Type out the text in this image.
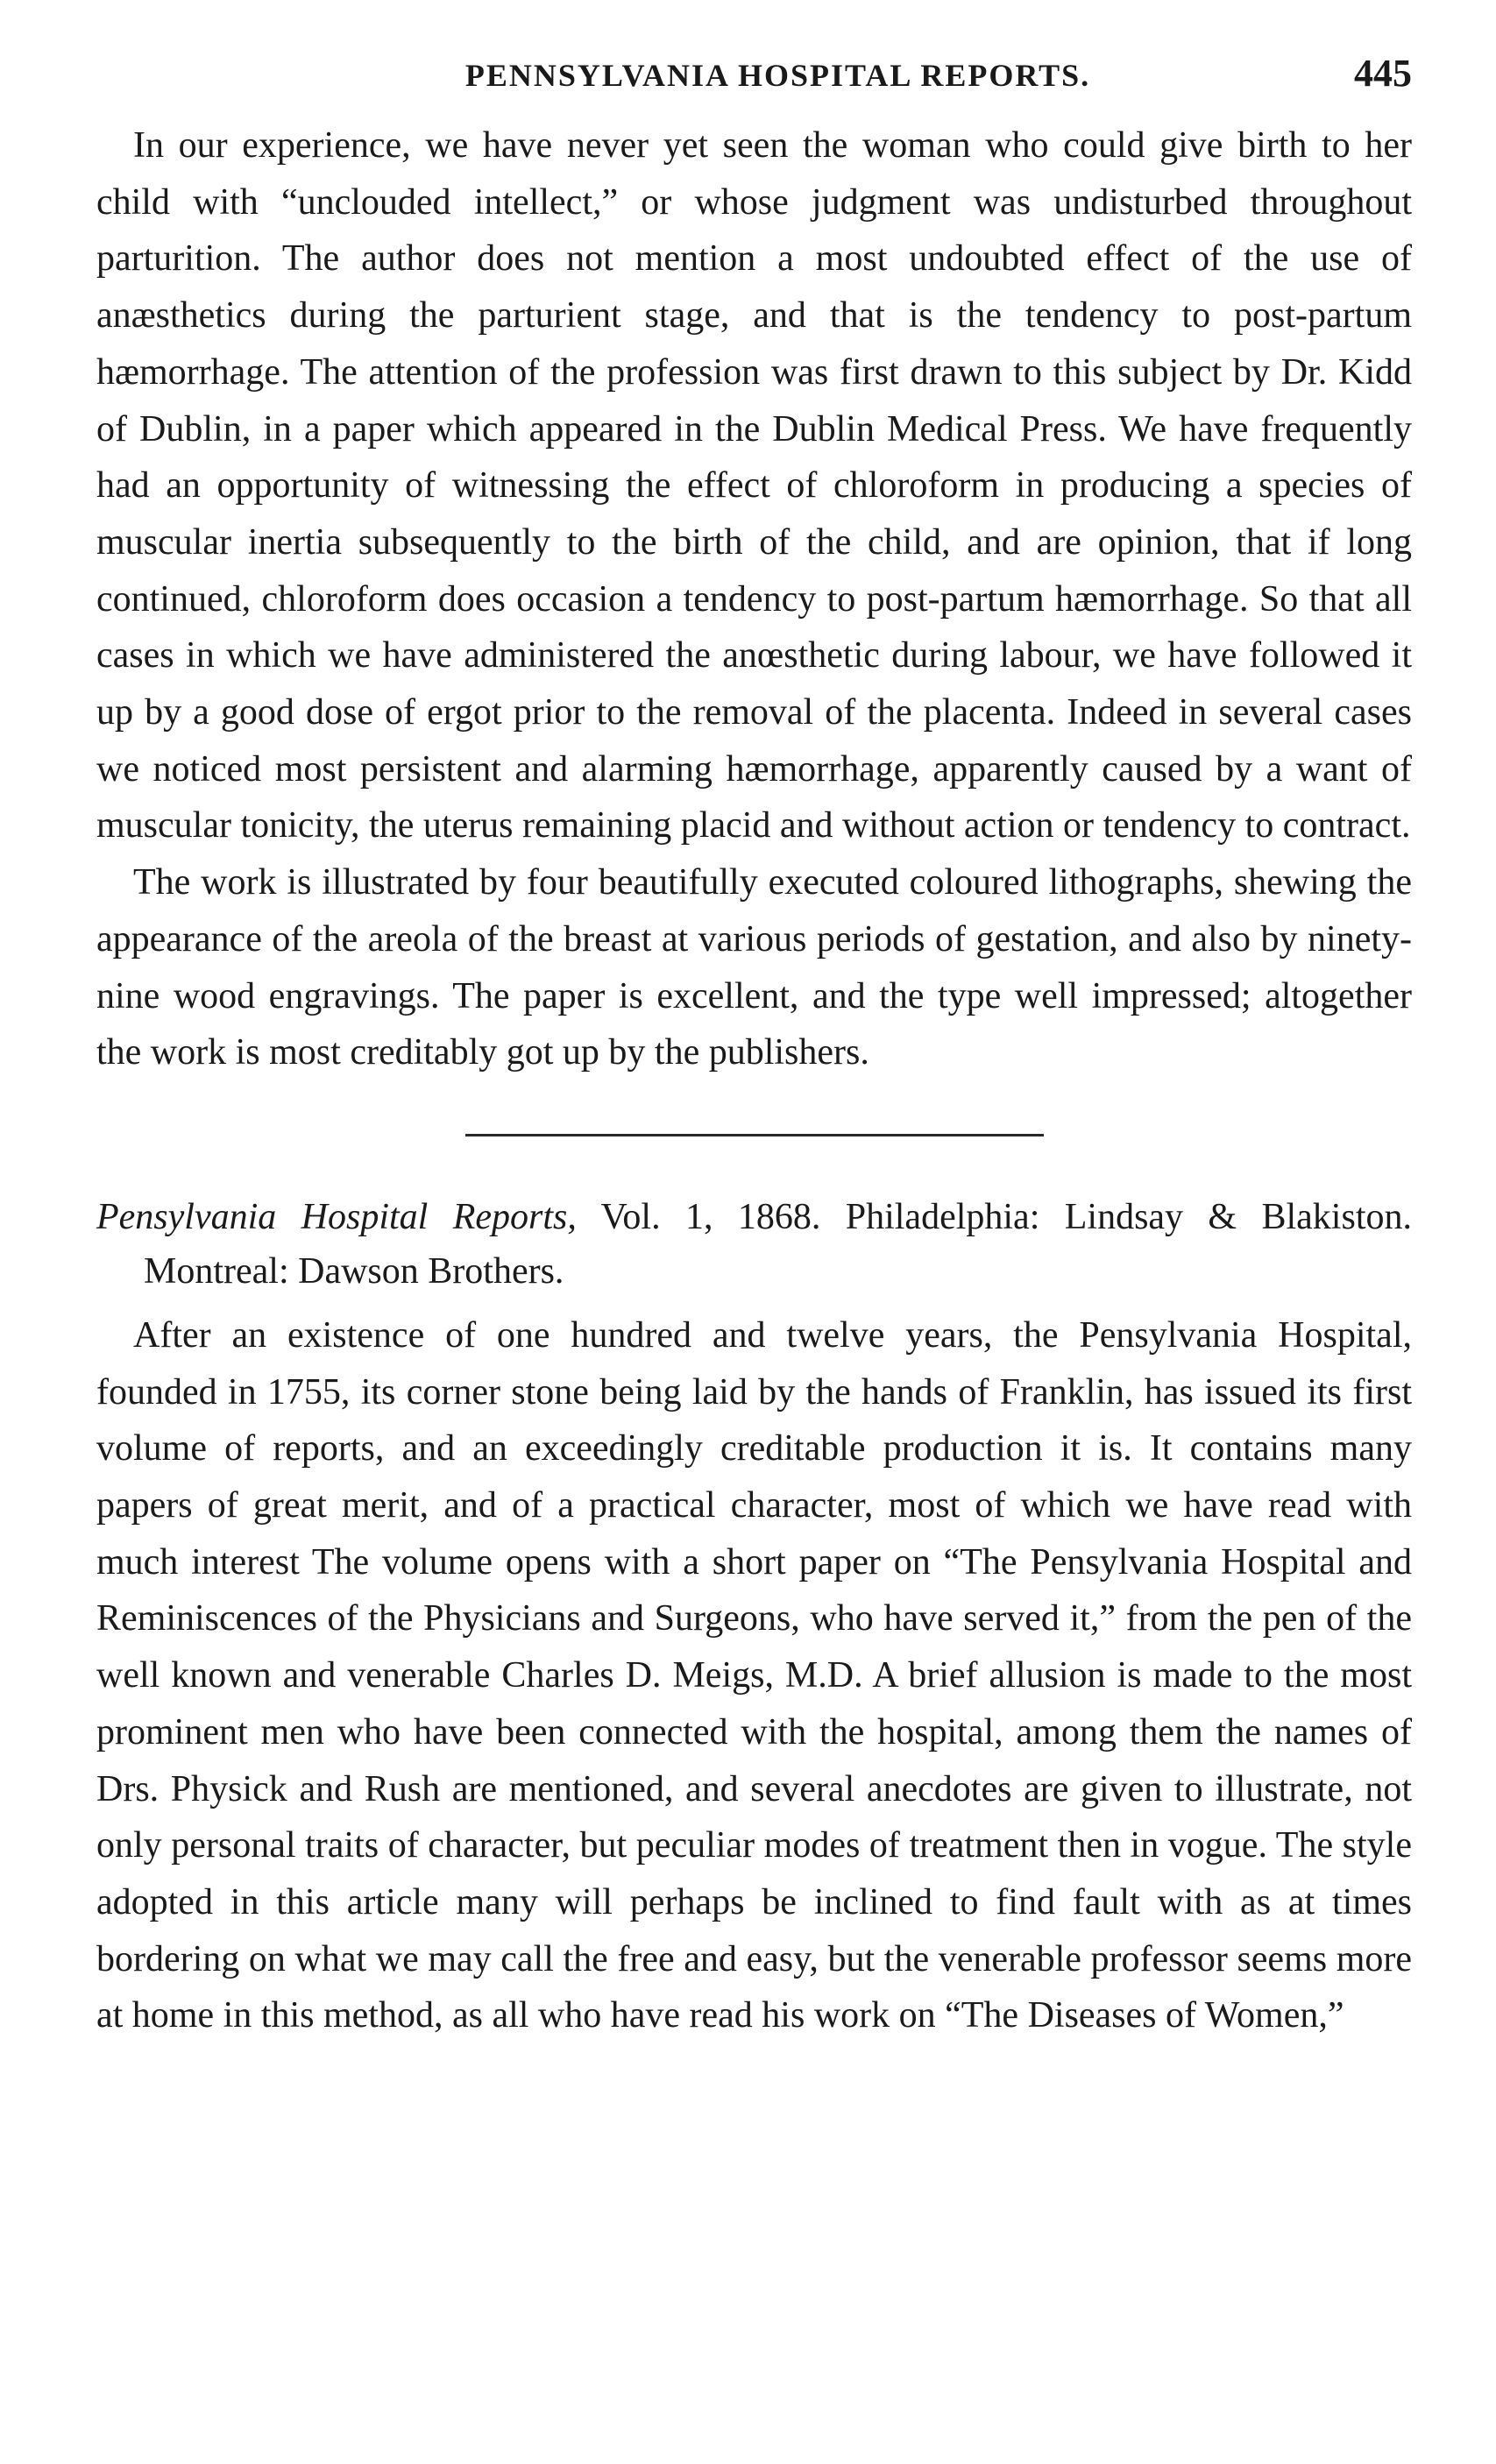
PENNSYLVANIA HOSPITAL REPORTS.	445

In our experience, we have never yet seen the woman who could give birth to her child with “unclouded intellect,” or whose judgment was undisturbed throughout parturition. The author does not mention a most undoubted effect of the use of anæsthetics during the parturient stage, and that is the tendency to post-partum hæmorrhage. The attention of the profession was first drawn to this subject by Dr. Kidd of Dublin, in a paper which appeared in the Dublin Medical Press. We have frequently had an opportunity of witnessing the effect of chloroform in producing a species of muscular inertia subsequently to the birth of the child, and are opinion, that if long continued, chloroform does occasion a tendency to post-partum hæmorrhage. So that all cases in which we have administered the anœsthetic during labour, we have followed it up by a good dose of ergot prior to the removal of the placenta. Indeed in several cases we noticed most persistent and alarming hæmorrhage, apparently caused by a want of muscular tonicity, the uterus remaining placid and without action or tendency to contract.

The work is illustrated by four beautifully executed coloured lithographs, shewing the appearance of the areola of the breast at various periods of gestation, and also by ninety-nine wood engravings. The paper is excellent, and the type well impressed; altogether the work is most creditably got up by the publishers.

Pensylvania Hospital Reports, Vol. 1, 1868. Philadelphia: Lindsay & Blakiston. Montreal: Dawson Brothers.

After an existence of one hundred and twelve years, the Pensylvania Hospital, founded in 1755, its corner stone being laid by the hands of Franklin, has issued its first volume of reports, and an exceedingly creditable production it is. It contains many papers of great merit, and of a practical character, most of which we have read with much interest The volume opens with a short paper on “The Pensylvania Hospital and Reminiscences of the Physicians and Surgeons, who have served it,” from the pen of the well known and venerable Charles D. Meigs, M.D. A brief allusion is made to the most prominent men who have been connected with the hospital, among them the names of Drs. Physick and Rush are mentioned, and several anecdotes are given to illustrate, not only personal traits of character, but peculiar modes of treatment then in vogue. The style adopted in this article many will perhaps be inclined to find fault with as at times bordering on what we may call the free and easy, but the venerable professor seems more at home in this method, as all who have read his work on “The Diseases of Women,”
